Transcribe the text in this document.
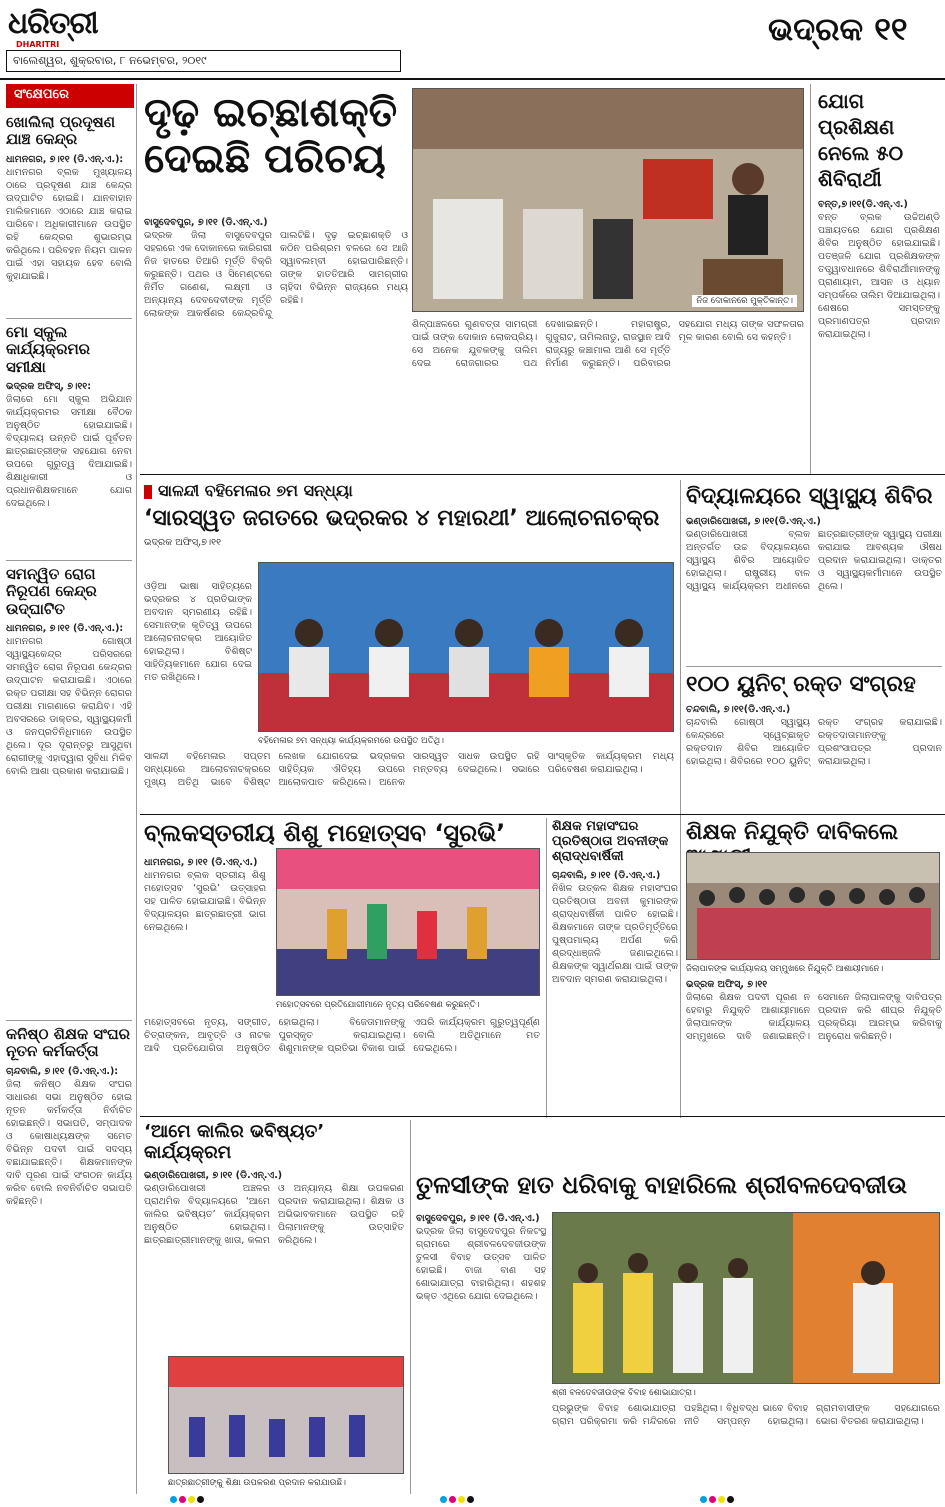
ଧରିତ୍ରୀ
DHARITRI
ବାଲେଶ୍ୱର, ଶୁକ୍ରବାର, ୮ ନଭେମ୍ବର, ୨୦୧୯
ଭଦ୍ରକ ୧୧
ସଂକ୍ଷେପରେ
ଖୋଲିଲା ପ୍ରଦୂଷଣ ଯାଞ୍ଚ କେନ୍ଦ୍ର
ଧାମନଗର, ୭।୧୧ (ଡି.ଏନ୍.ଏ.):
ଧାମନଗର ବ୍ଲକ ମୁଖ୍ୟାଳୟ ଠାରେ ପ୍ରଦୂଷଣ ଯାଞ୍ଚ କେନ୍ଦ୍ର ଉଦ୍‌ଘାଟିତ ହୋଇଛି। ଯାନବାହାନ ମାଲିକମାନେ ଏଠାରେ ଯାଞ୍ଚ କରାଇ ପାରିବେ। ଅଧିକାରୀମାନେ ଉପସ୍ଥିତ ରହି କେନ୍ଦ୍ରର ଶୁଭାରମ୍ଭ କରିଥିଲେ। ପରିବହନ ନିୟମ ପାଳନ ପାଇଁ ଏହା ସହାୟକ ହେବ ବୋଲି କୁହାଯାଇଛି।
ମୋ ସ୍କୁଲ କାର୍ଯ୍ୟକ୍ରମର ସମୀକ୍ଷା
ଭଦ୍ରକ ଅଫିସ୍, ୭।୧୧:
ଜିଲାରେ ମୋ ସ୍କୁଲ ଅଭିଯାନ କାର୍ଯ୍ୟକ୍ରମର ସମୀକ୍ଷା ବୈଠକ ଅନୁଷ୍ଠିତ ହୋଇଯାଇଛି। ବିଦ୍ୟାଳୟ ଉନ୍ନତି ପାଇଁ ପୂର୍ବତନ ଛାତ୍ରଛାତ୍ରୀଙ୍କ ସହଯୋଗ ନେବା ଉପରେ ଗୁରୁତ୍ୱ ଦିଆଯାଇଛି। ଶିକ୍ଷାଧିକାରୀ ଓ ପ୍ରଧାନଶିକ୍ଷକମାନେ ଯୋଗ ଦେଇଥିଲେ।
ସମନ୍ୱିତ ରୋଗ ନିରୂପଣ କେନ୍ଦ୍ର ଉଦ୍‌ଘାଟିତ
ଧାମନଗର, ୭।୧୧ (ଡି.ଏନ୍.ଏ.):
ଧାମନଗର ଗୋଷ୍ଠୀ ସ୍ୱାସ୍ଥ୍ୟକେନ୍ଦ୍ର ପରିସରରେ ସମନ୍ୱିତ ରୋଗ ନିରୂପଣ କେନ୍ଦ୍ରର ଉଦ୍‌ଘାଟନ କରାଯାଇଛି। ଏଠାରେ ରକ୍ତ ପରୀକ୍ଷା ସହ ବିଭିନ୍ନ ରୋଗର ପରୀକ୍ଷା ମାଗଣାରେ କରାଯିବ। ଏହି ଅବସରରେ ଡାକ୍ତର, ସ୍ୱାସ୍ଥ୍ୟକର୍ମୀ ଓ ଜନପ୍ରତିନିଧିମାନେ ଉପସ୍ଥିତ ଥିଲେ। ଦୂର ଦୂରାନ୍ତରୁ ଆସୁଥିବା ରୋଗୀଙ୍କୁ ଏହାଦ୍ୱାରା ସୁବିଧା ମିଳିବ ବୋଲି ଆଶା ପ୍ରକାଶ କରାଯାଇଛି।
କନିଷ୍ଠ ଶିକ୍ଷକ ସଂଘର ନୂତନ କର୍ମକର୍ତ୍ତା
ଚାନ୍ଦବାଲି, ୭।୧୧ (ଡି.ଏନ୍.ଏ.):
ଜିଲା କନିଷ୍ଠ ଶିକ୍ଷକ ସଂଘର ସାଧାରଣ ସଭା ଅନୁଷ୍ଠିତ ହୋଇ ନୂତନ କର୍ମକର୍ତ୍ତା ନିର୍ବାଚିତ ହୋଇଛନ୍ତି। ସଭାପତି, ସମ୍ପାଦକ ଓ କୋଷାଧ୍ୟକ୍ଷଙ୍କ ସମେତ ବିଭିନ୍ନ ପଦବୀ ପାଇଁ ସଦସ୍ୟ ବଛାଯାଇଛନ୍ତି। ଶିକ୍ଷକମାନଙ୍କ ଦାବି ପୂରଣ ପାଇଁ ସଂଗଠନ କାର୍ଯ୍ୟ କରିବ ବୋଲି ନବନିର୍ବାଚିତ ସଭାପତି କହିଛନ୍ତି।
ଦୃଢ଼ ଇଚ୍ଛାଶକ୍ତି ଦେଇଛି ପରିଚୟ
ନିଜ ଦୋକାନରେ ମୁକ୍ତିକାନ୍ତ।
ବାସୁଦେବପୁର, ୭।୧୧ (ଡି.ଏନ୍.ଏ.)
ଭଦ୍ରକ ଜିଲା ବାସୁଦେବପୁର ସହରରେ ଏକ ଦୋକାନରେ କାରିଗରୀ ନିଜ ହାତରେ ତିଆରି ମୂର୍ତ୍ତି ବିକ୍ରି କରୁଛନ୍ତି। ପଥର ଓ ସିମେଣ୍ଟରେ ନିର୍ମିତ ଗଣେଶ, ଲକ୍ଷ୍ମୀ ଓ ଅନ୍ୟାନ୍ୟ ଦେବଦେବୀଙ୍କ ମୂର୍ତ୍ତି ଲୋକଙ୍କ ଆକର୍ଷଣର କେନ୍ଦ୍ରବିନ୍ଦୁ ପାଲଟିଛି। ଦୃଢ଼ ଇଚ୍ଛାଶକ୍ତି ଓ କଠିନ ପରିଶ୍ରମ ବଳରେ ସେ ଆଜି ସ୍ୱାବଲମ୍ବୀ ହୋଇପାରିଛନ୍ତି। ତାଙ୍କ ହାତତିଆରି ସାମଗ୍ରୀର ଚାହିଦା ବିଭିନ୍ନ ରାଜ୍ୟରେ ମଧ୍ୟ ରହିଛି।
ଶିଳ୍ପାଞ୍ଚଳରେ ଗୁଣବତ୍ତା ସାମଗ୍ରୀ ପାଇଁ ତାଙ୍କ ଦୋକାନ ଲୋକପ୍ରିୟ। ସେ ଅନେକ ଯୁବକଙ୍କୁ ତାଲିମ ଦେଇ ରୋଜଗାରର ପଥ ଦେଖାଇଛନ୍ତି। ମହାରାଷ୍ଟ୍ର, ଗୁଜୁରାଟ, ତାମିଲନାଡୁ, ରାଜସ୍ଥାନ ଆଦି ରାଜ୍ୟରୁ କଞ୍ଚାମାଲ ଆଣି ସେ ମୂର୍ତ୍ତି ନିର୍ମାଣ କରୁଛନ୍ତି। ପରିବାରର ସହଯୋଗ ମଧ୍ୟ ତାଙ୍କ ସଫଳତାର ମୂଳ କାରଣ ବୋଲି ସେ କହନ୍ତି।
ଯୋଗ ପ୍ରଶିକ୍ଷଣ ନେଲେ ୫୦ ଶିବିରାର୍ଥୀ
ବନ୍ତ,୭।୧୧(ଡି.ଏନ୍.ଏ.)
ବନ୍ତ ବ୍ଲକ ଉଚ୍ଚିଅଣ୍ଡି ପଞ୍ଚାୟତରେ ଯୋଗ ପ୍ରଶିକ୍ଷଣ ଶିବିର ଅନୁଷ୍ଠିତ ହୋଇଯାଇଛି। ପତଞ୍ଜଳି ଯୋଗ ପ୍ରଶିକ୍ଷକଙ୍କ ତତ୍ତ୍ୱାବଧାନରେ ଶିବିରାର୍ଥୀମାନଙ୍କୁ ପ୍ରାଣାୟାମ, ଆସନ ଓ ଧ୍ୟାନ ସମ୍ପର୍କରେ ତାଲିମ ଦିଆଯାଇଥିଲା। ଶେଷରେ ସମସ୍ତଙ୍କୁ ପ୍ରମାଣପତ୍ର ପ୍ରଦାନ କରାଯାଇଥିଲା।
ସାଳନ୍ଦୀ ବହିମେଳାର ୭ମ ସନ୍ଧ୍ୟା
‘ସାରସ୍ୱତ ଜଗତରେ ଭଦ୍ରକର ୪ ମହାରଥୀ’ ଆଲୋଚନାଚକ୍ର
ଭଦ୍ରକ ଅଫିସ୍,୭।୧୧
ଓଡ଼ିଆ ଭାଷା ସାହିତ୍ୟରେ ଭଦ୍ରକର ୪ ପ୍ରତିଭାଙ୍କ ଅବଦାନ ସ୍ମରଣୀୟ ରହିଛି। ସେମାନଙ୍କ କୃତିତ୍ୱ ଉପରେ ଆଲୋଚନାଚକ୍ର ଆୟୋଜିତ ହୋଇଥିଲା। ବିଶିଷ୍ଟ ସାହିତ୍ୟିକମାନେ ଯୋଗ ଦେଇ ମତ ରଖିଥିଲେ।
ବହିମେଳାର ୭ମ ସନ୍ଧ୍ୟା କାର୍ଯ୍ୟକ୍ରମରେ ଉପସ୍ଥିତ ଅତିଥି।
ସାଳନ୍ଦୀ ବହିମେଳାର ସପ୍ତମ ସନ୍ଧ୍ୟାରେ ଆଲୋଚନାଚକ୍ରରେ ମୁଖ୍ୟ ଅତିଥି ଭାବେ ବିଶିଷ୍ଟ ଲେଖକ ଯୋଗଦେଇ ଭଦ୍ରକର ସାହିତ୍ୟିକ ଐତିହ୍ୟ ଉପରେ ଆଲୋକପାତ କରିଥିଲେ। ଅନେକ ସାରସ୍ୱତ ସାଧକ ଉପସ୍ଥିତ ରହି ମନ୍ତବ୍ୟ ଦେଇଥିଲେ। ସଭାରେ ସାଂସ୍କୃତିକ କାର୍ଯ୍ୟକ୍ରମ ମଧ୍ୟ ପରିବେଷଣ କରାଯାଇଥିଲା।
ବିଦ୍ୟାଳୟରେ ସ୍ୱାସ୍ଥ୍ୟ ଶିବିର
ଭଣ୍ଡାରିପୋଖରୀ, ୭।୧୧(ଡି.ଏନ୍.ଏ.)
ଭଣ୍ଡାରିପୋଖରୀ ବ୍ଲକ ଅନ୍ତର୍ଗତ ଉଚ୍ଚ ବିଦ୍ୟାଳୟରେ ସ୍ୱାସ୍ଥ୍ୟ ଶିବିର ଆୟୋଜିତ ହୋଇଥିଲା। ରାଷ୍ଟ୍ରୀୟ ବାଳ ସ୍ୱାସ୍ଥ୍ୟ କାର୍ଯ୍ୟକ୍ରମ ଅଧୀନରେ ଛାତ୍ରଛାତ୍ରୀଙ୍କ ସ୍ୱାସ୍ଥ୍ୟ ପରୀକ୍ଷା କରାଯାଇ ଆବଶ୍ୟକ ଔଷଧ ପ୍ରଦାନ କରାଯାଇଥିଲା। ଡାକ୍ତର ଓ ସ୍ୱାସ୍ଥ୍ୟକର୍ମୀମାନେ ଉପସ୍ଥିତ ଥିଲେ।
୧୦୦ ୟୁନିଟ୍ ରକ୍ତ ସଂଗ୍ରହ
ଚନ୍ଦବାଲି, ୭।୧୧(ଡି.ଏନ୍.ଏ.)
ଚାନ୍ଦବାଲି ଗୋଷ୍ଠୀ ସ୍ୱାସ୍ଥ୍ୟ କେନ୍ଦ୍ରରେ ସ୍ୱେଚ୍ଛାକୃତ ରକ୍ତଦାନ ଶିବିର ଆୟୋଜିତ ହୋଇଥିଲା। ଶିବିରରେ ୧୦୦ ୟୁନିଟ୍ ରକ୍ତ ସଂଗ୍ରହ କରାଯାଇଛି। ରକ୍ତଦାତାମାନଙ୍କୁ ପ୍ରଶଂସାପତ୍ର ପ୍ରଦାନ କରାଯାଇଥିଲା।
ବ୍ଲକସ୍ତରୀୟ ଶିଶୁ ମହୋତ୍ସବ ‘ସୁରଭି’
ଧାମନଗର, ୭।୧୧ (ଡି.ଏନ୍.ଏ.)
ଧାମନଗର ବ୍ଲକ ସ୍ତରୀୟ ଶିଶୁ ମହୋତ୍ସବ ‘ସୁରଭି’ ଉତ୍ସାହର ସହ ପାଳିତ ହୋଇଯାଇଛି। ବିଭିନ୍ନ ବିଦ୍ୟାଳୟର ଛାତ୍ରଛାତ୍ରୀ ଭାଗ ନେଇଥିଲେ।
ମହୋତ୍ସବରେ ପ୍ରତିଯୋଗୀମାନେ ନୃତ୍ୟ ପରିବେଷଣ କରୁଛନ୍ତି।
ମହୋତ୍ସବରେ ନୃତ୍ୟ, ସଙ୍ଗୀତ, ଚିତ୍ରାଙ୍କନ, ଆବୃତ୍ତି ଓ ନାଟକ ଆଦି ପ୍ରତିଯୋଗିତା ଅନୁଷ୍ଠିତ ହୋଇଥିଲା। ବିଜେତାମାନଙ୍କୁ ପୁରସ୍କୃତ କରାଯାଇଥିଲା। ଶିଶୁମାନଙ୍କ ପ୍ରତିଭା ବିକାଶ ପାଇଁ ଏପରି କାର୍ଯ୍ୟକ୍ରମ ଗୁରୁତ୍ୱପୂର୍ଣ୍ଣ ବୋଲି ଅତିଥିମାନେ ମତ ଦେଇଥିଲେ।
ଶିକ୍ଷକ ମହାସଂଘର ପ୍ରତିଷ୍ଠାତା ଅବନୀଙ୍କ ଶ୍ରାଦ୍ଧବାର୍ଷିକୀ
ଚାନ୍ଦବାଲି, ୭।୧୧ (ଡି.ଏନ୍.ଏ.)
ନିଖିଳ ଉତ୍କଳ ଶିକ୍ଷକ ମହାସଂଘର ପ୍ରତିଷ୍ଠାତା ଅବନୀ କୁମାରଙ୍କ ଶ୍ରାଦ୍ଧବାର୍ଷିକୀ ପାଳିତ ହୋଇଛି। ଶିକ୍ଷକମାନେ ତାଙ୍କ ପ୍ରତିମୂର୍ତ୍ତିରେ ପୁଷ୍ପମାଲ୍ୟ ଅର୍ପଣ କରି ଶ୍ରଦ୍ଧାଞ୍ଜଳି ଜଣାଇଥିଲେ। ଶିକ୍ଷକଙ୍କ ସ୍ୱାର୍ଥରକ୍ଷା ପାଇଁ ତାଙ୍କ ଅବଦାନ ସ୍ମରଣ କରାଯାଇଥିଲା।
ଶିକ୍ଷକ ନିଯୁକ୍ତି ଦାବିକଲେ
ଜିଲାପାଳଙ୍କ କାର୍ଯ୍ୟାଳୟ ସମ୍ମୁଖରେ ନିଯୁକ୍ତି ଆଶାୟୀମାନେ।
ଭଦ୍ରକ ଅଫିସ୍, ୭।୧୧
ଜିଲାରେ ଶିକ୍ଷକ ପଦବୀ ପୂରଣ ନ ହେବାରୁ ନିଯୁକ୍ତି ଆଶାୟୀମାନେ ଜିଲାପାଳଙ୍କ କାର୍ଯ୍ୟାଳୟ ସମ୍ମୁଖରେ ଦାବି ଜଣାଇଛନ୍ତି। ସେମାନେ ଜିଲାପାଳଙ୍କୁ ଦାବିପତ୍ର ପ୍ରଦାନ କରି ଶୀଘ୍ର ନିଯୁକ୍ତି ପ୍ରକ୍ରିୟା ଆରମ୍ଭ କରିବାକୁ ଅନୁରୋଧ କରିଛନ୍ତି।
‘ଆମେ କାଲିର ଭବିଷ୍ୟତ’ କାର୍ଯ୍ୟକ୍ରମ
ଭଣ୍ଡାରିପୋଖରୀ, ୭।୧୧ (ଡି.ଏନ୍.ଏ.)
ଭଣ୍ଡାରିପୋଖରୀ ଅଞ୍ଚଳର ପ୍ରାଥମିକ ବିଦ୍ୟାଳୟରେ ‘ଆମେ କାଲିର ଭବିଷ୍ୟତ’ କାର୍ଯ୍ୟକ୍ରମ ଅନୁଷ୍ଠିତ ହୋଇଥିଲା। ଛାତ୍ରଛାତ୍ରୀମାନଙ୍କୁ ଖାତା, କଲମ ଓ ଅନ୍ୟାନ୍ୟ ଶିକ୍ଷା ଉପକରଣ ପ୍ରଦାନ କରାଯାଇଥିଲା। ଶିକ୍ଷକ ଓ ଅଭିଭାବକମାନେ ଉପସ୍ଥିତ ରହି ପିଲାମାନଙ୍କୁ ଉତ୍ସାହିତ କରିଥିଲେ।
ଛାତ୍ରଛାତ୍ରୀଙ୍କୁ ଶିକ୍ଷା ଉପକରଣ ପ୍ରଦାନ କରାଯାଉଛି।
ତୁଳସୀଙ୍କ ହାତ ଧରିବାକୁ ବାହାରିଲେ ଶ୍ରୀବଳଦେବଜୀଉ
ବାସୁଦେବପୁର, ୭।୧୧ (ଡି.ଏନ୍.ଏ.)
ଭଦ୍ରକ ଜିଲା ବାସୁଦେବପୁର ନିକଟସ୍ଥ ଗ୍ରାମରେ ଶ୍ରୀବଳଦେବଜୀଉଙ୍କ ତୁଳସୀ ବିବାହ ଉତ୍ସବ ପାଳିତ ହୋଇଛି। ବାଜା ବାଣ ସହ ଶୋଭାଯାତ୍ରା ବାହାରିଥିଲା। ଶହଶହ ଭକ୍ତ ଏଥିରେ ଯୋଗ ଦେଇଥିଲେ।
ଶ୍ରୀ ବଳଦେବଜୀଉଙ୍କ ବିବାହ ଶୋଭାଯାତ୍ରା।
ପ୍ରଭୁଙ୍କ ବିବାହ ଶୋଭାଯାତ୍ରା ଗ୍ରାମ ପରିକ୍ରମା କରି ମନ୍ଦିରରେ ପହଞ୍ଚିଥିଲା। ବିଧିବଦ୍ଧ ଭାବେ ବିବାହ ନୀତି ସମ୍ପନ୍ନ ହୋଇଥିଲା। ଗ୍ରାମବାସୀଙ୍କ ସହଯୋଗରେ ଭୋଗ ବିତରଣ କରାଯାଇଥିଲା।
